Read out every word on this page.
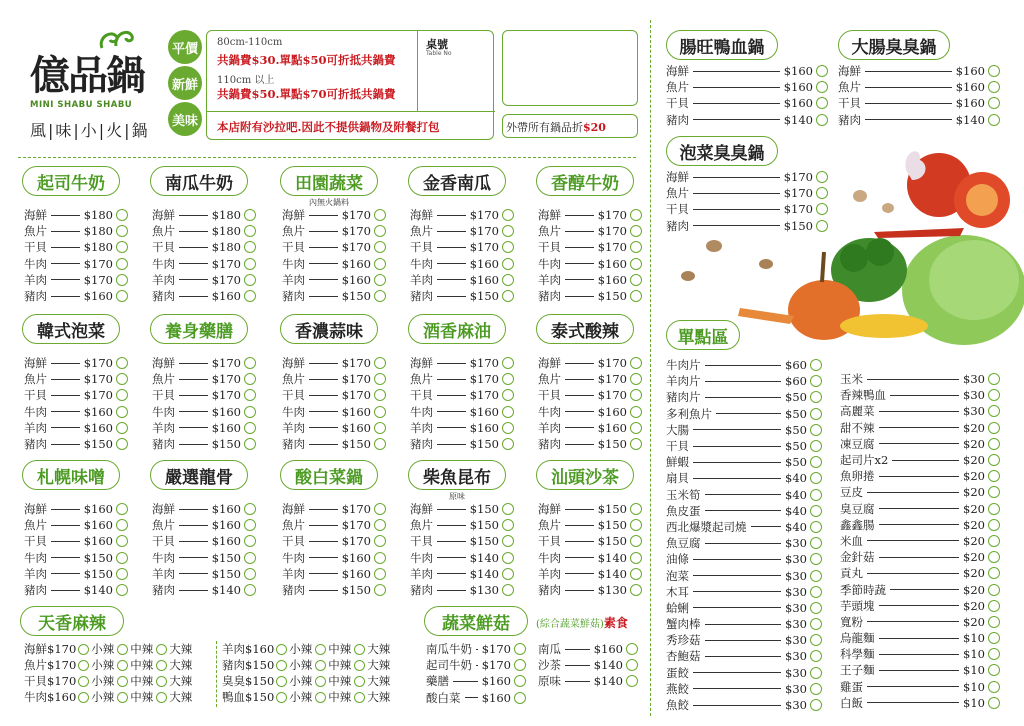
億品鍋
MINI SHABU SHABU
風|味|小|火|鍋
平價
新鮮
美味
80cm-110cm
共鍋費$30.單點$50可折抵共鍋費
110cm 以上
共鍋費$50.單點$70可折抵共鍋費
本店附有沙拉吧.因此不提供鍋物及附餐打包
桌號
Table No
外帶所有鍋品折$20
起司牛奶
海鮮	$180
魚片	$180
干貝	$180
牛肉	$170
羊肉	$170
豬肉	$160
南瓜牛奶
海鮮	$180
魚片	$180
干貝	$180
牛肉	$170
羊肉	$170
豬肉	$160
田園蔬菜
內無火鍋料
海鮮	$170
魚片	$170
干貝	$170
牛肉	$160
羊肉	$160
豬肉	$150
金香南瓜
海鮮	$170
魚片	$170
干貝	$170
牛肉	$160
羊肉	$160
豬肉	$150
香醇牛奶
海鮮	$170
魚片	$170
干貝	$170
牛肉	$160
羊肉	$160
豬肉	$150
韓式泡菜
海鮮	$170
魚片	$170
干貝	$170
牛肉	$160
羊肉	$160
豬肉	$150
養身藥膳
海鮮	$170
魚片	$170
干貝	$170
牛肉	$160
羊肉	$160
豬肉	$150
香濃蒜味
海鮮	$170
魚片	$170
干貝	$170
牛肉	$160
羊肉	$160
豬肉	$150
酒香麻油
海鮮	$170
魚片	$170
干貝	$170
牛肉	$160
羊肉	$160
豬肉	$150
泰式酸辣
海鮮	$170
魚片	$170
干貝	$170
牛肉	$160
羊肉	$160
豬肉	$150
札幌味噌
海鮮	$160
魚片	$160
干貝	$160
牛肉	$150
羊肉	$150
豬肉	$140
嚴選龍骨
海鮮	$160
魚片	$160
干貝	$160
牛肉	$150
羊肉	$150
豬肉	$140
酸白菜鍋
海鮮	$170
魚片	$170
干貝	$170
牛肉	$160
羊肉	$160
豬肉	$150
柴魚昆布
原味
海鮮	$150
魚片	$150
干貝	$150
牛肉	$140
羊肉	$140
豬肉	$130
汕頭沙茶
海鮮	$150
魚片	$150
干貝	$150
牛肉	$140
羊肉	$140
豬肉	$130
天香麻辣
海鮮 $170 小辣 中辣 大辣
魚片 $170 小辣 中辣 大辣
干貝 $170 小辣 中辣 大辣
牛肉 $160 小辣 中辣 大辣
羊肉 $160 小辣 中辣 大辣
豬肉 $150 小辣 中辣 大辣
臭臭 $150 小辣 中辣 大辣
鴨血 $150 小辣 中辣 大辣
蔬菜鮮菇	(綜合蔬菜鮮菇)素食
南瓜牛奶 $170
起司牛奶 $170
藥膳	$160
酸白菜 $160
南瓜	$160
沙茶	$140
原味	$140
腸旺鴨血鍋
海鮮	$160
魚片	$160
干貝	$160
豬肉	$140
大腸臭臭鍋
海鮮	$160
魚片	$160
干貝	$160
豬肉	$140
泡菜臭臭鍋
海鮮	$170
魚片	$170
干貝	$170
豬肉	$150
單點區
牛肉片	$60
羊肉片	$60
豬肉片	$50
多利魚片	$50
大腸	$50
干貝	$50
鮮蝦	$50
扇貝	$40
玉米筍	$40
魚皮蛋	$40
西北爆漿起司燒	$40
魚豆腐	$30
油條	$30
泡菜	$30
木耳	$30
蛤蜊	$30
蟹肉棒	$30
秀珍菇	$30
杏鮑菇	$30
蛋餃	$30
燕餃	$30
魚餃	$30
玉米	$30
香辣鴨血	$30
高麗菜	$30
甜不辣	$20
凍豆腐	$20
起司片x2	$20
魚卵捲	$20
豆皮	$20
臭豆腐	$20
鑫鑫腸	$20
米血	$20
金針菇	$20
貢丸	$20
季節時蔬	$20
芋頭塊	$20
寬粉	$20
烏龍麵	$10
科學麵	$10
王子麵	$10
雞蛋	$10
白飯	$10
